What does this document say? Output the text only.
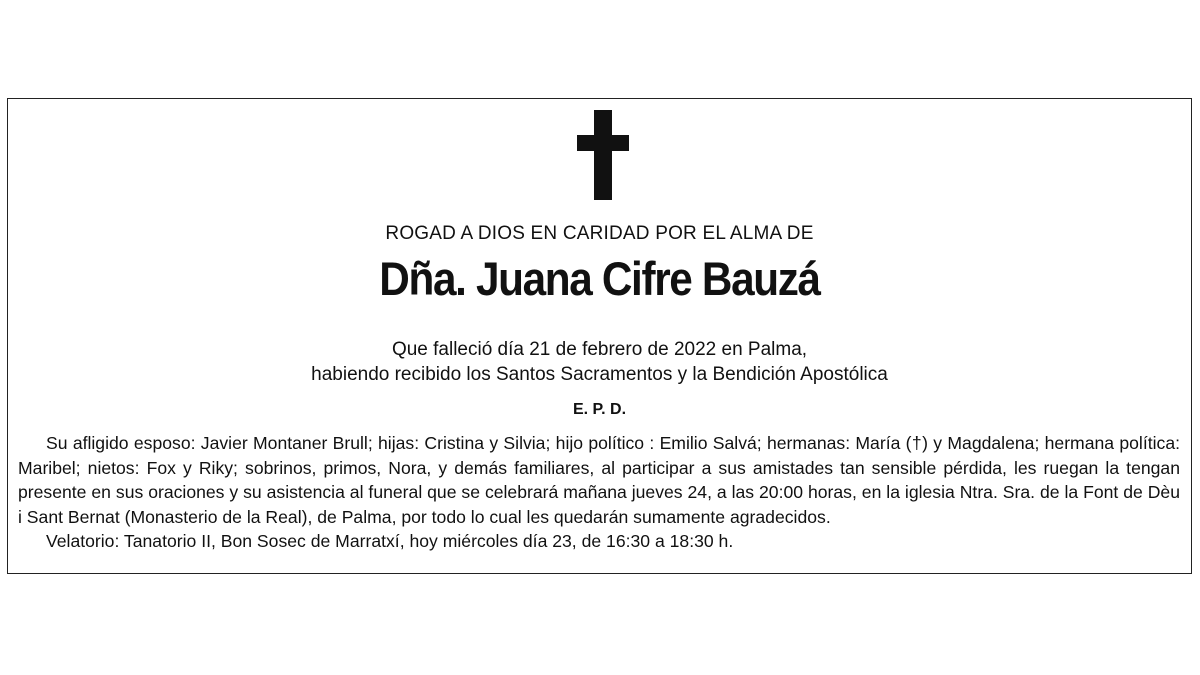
ROGAD A DIOS EN CARIDAD POR EL ALMA DE
Dña. Juana Cifre Bauzá
Que falleció día 21 de febrero de 2022 en Palma,
habiendo recibido los Santos Sacramentos y la Bendición Apostólica
E. P. D.

Su afligido esposo: Javier Montaner Brull; hijas: Cristina y Silvia; hijo político : Emilio Salvá; hermanas: María (†) y Magdalena; hermana política: Maribel; nietos: Fox y Riky; sobrinos, primos, Nora, y demás familiares, al participar a sus amistades tan sensible pérdida, les ruegan la tengan presente en sus oraciones y su asistencia al funeral que se celebrará mañana jueves 24, a las 20:00 horas, en la iglesia Ntra. Sra. de la Font de Dèu i Sant Bernat (Monasterio de la Real), de Palma, por todo lo cual les quedarán sumamente agradecidos.

Velatorio: Tanatorio II, Bon Sosec de Marratxí, hoy miércoles día 23, de 16:30 a 18:30 h.
